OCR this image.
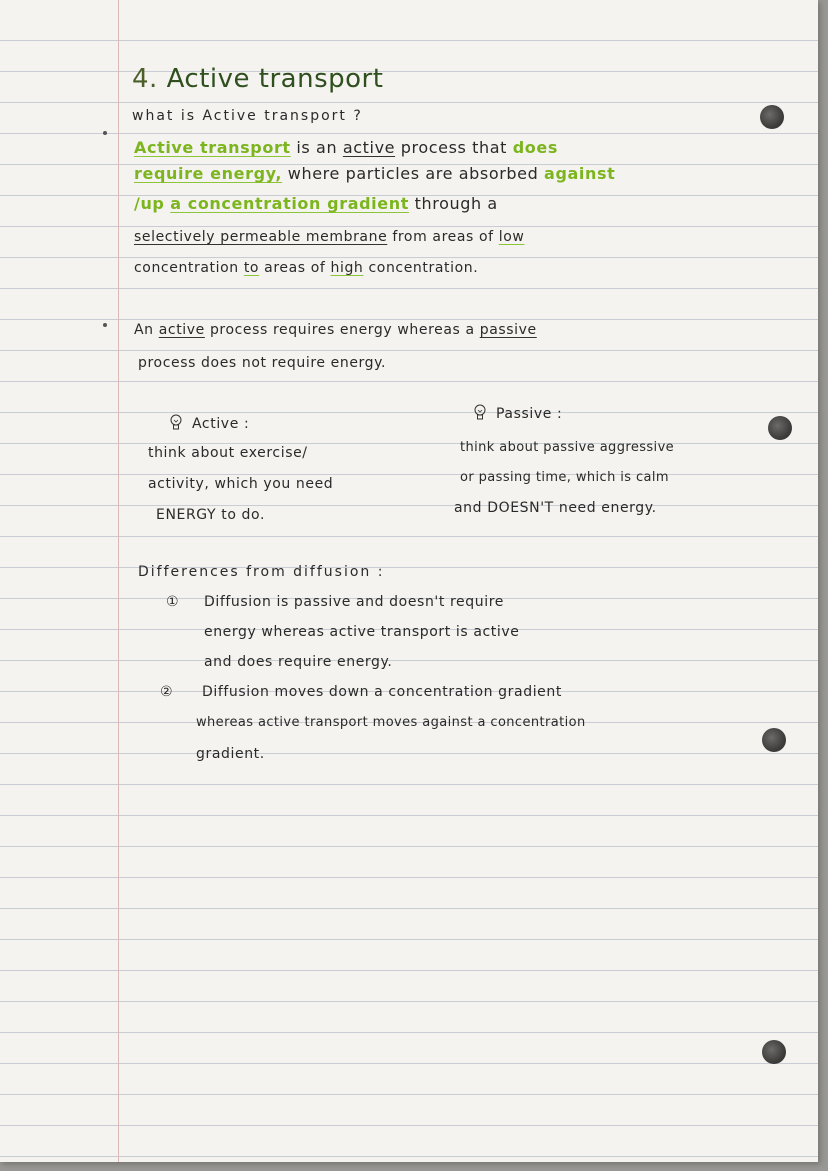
4. Active transport
what is Active transport ?
Active transport is an active process that does
require energy, where particles are absorbed against
/up a concentration gradient through a
selectively permeable membrane from areas of low
concentration to areas of high concentration.
An active process requires energy whereas a passive
process does not require energy.
Active :
think about exercise/
activity, which you need
ENERGY to do.
Passive :
think about passive aggressive
or passing time, which is calm
and DOESN'T need energy.
Differences from diffusion :
① Diffusion is passive and doesn't require
energy whereas active transport is active
and does require energy.
② Diffusion moves down a concentration gradient
whereas active transport moves against a concentration
gradient.
